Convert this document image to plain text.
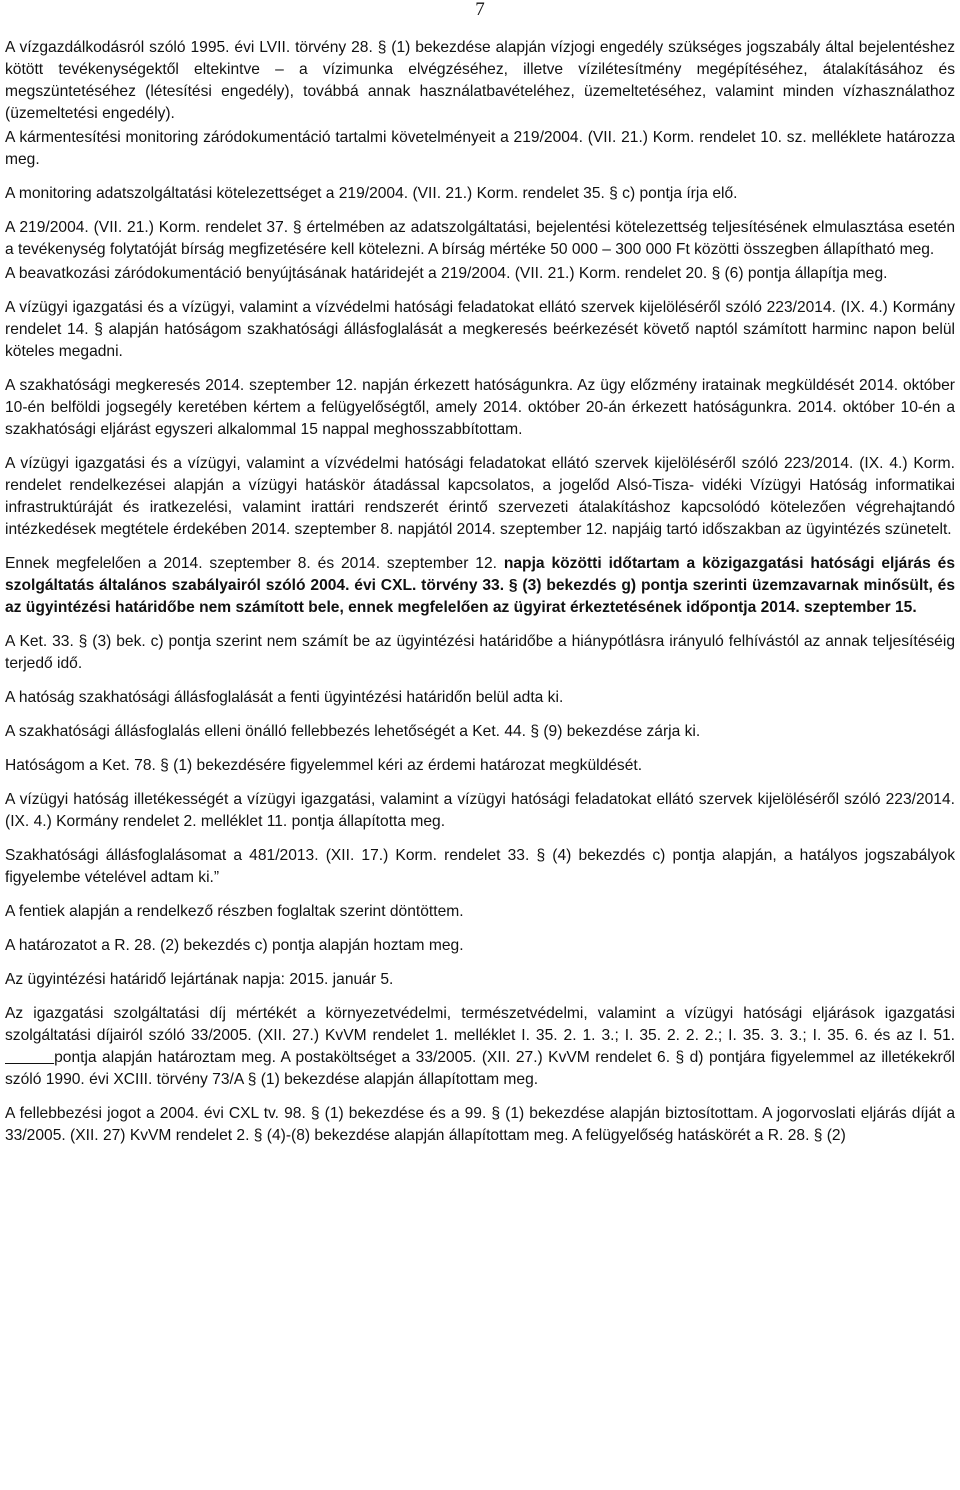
7

A vízgazdálkodásról szóló 1995. évi LVII. törvény 28. § (1) bekezdése alapján vízjogi engedély szükséges jogszabály által bejelentéshez kötött tevékenységektől eltekintve – a vízimunka elvégzéséhez, illetve vízilétesítmény megépítéséhez, átalakításához és megszüntetéséhez (létesítési engedély), továbbá annak használatbavételéhez, üzemeltetéséhez, valamint minden vízhasználathoz (üzemeltetési engedély).

A kármentesítési monitoring záródokumentáció tartalmi követelményeit a 219/2004. (VII. 21.) Korm. rendelet 10. sz. melléklete határozza meg.

A monitoring adatszolgáltatási kötelezettséget a 219/2004. (VII. 21.) Korm. rendelet 35. § c) pontja írja elő.

A 219/2004. (VII. 21.) Korm. rendelet 37. § értelmében az adatszolgáltatási, bejelentési kötelezettség teljesítésének elmulasztása esetén a tevékenység folytatóját bírság megfizetésére kell kötelezni. A bírság mértéke 50 000 – 300 000 Ft közötti összegben állapítható meg.

A beavatkozási záródokumentáció benyújtásának határidejét a 219/2004. (VII. 21.) Korm. rendelet 20. § (6) pontja állapítja meg.

A vízügyi igazgatási és a vízügyi, valamint a vízvédelmi hatósági feladatokat ellátó szervek kijelöléséről szóló 223/2014. (IX. 4.) Kormány rendelet 14. § alapján hatóságom szakhatósági állásfoglalását a megkeresés beérkezését követő naptól számított harminc napon belül köteles megadni.

A szakhatósági megkeresés 2014. szeptember 12. napján érkezett hatóságunkra. Az ügy előzmény iratainak megküldését 2014. október 10-én belföldi jogsegély keretében kértem a felügyelőségtől, amely 2014. október 20-án érkezett hatóságunkra. 2014. október 10-én a szakhatósági eljárást egyszeri alkalommal 15 nappal meghosszabbítottam.

A vízügyi igazgatási és a vízügyi, valamint a vízvédelmi hatósági feladatokat ellátó szervek kijelöléséről szóló 223/2014. (IX. 4.) Korm. rendelet rendelkezései alapján a vízügyi hatáskör átadással kapcsolatos, a jogelőd Alsó-Tisza- vidéki Vízügyi Hatóság informatikai infrastruktúráját és iratkezelési, valamint irattári rendszerét érintő szervezeti átalakításhoz kapcsolódó kötelezően végrehajtandó intézkedések megtétele érdekében 2014. szeptember 8. napjától 2014. szeptember 12. napjáig tartó időszakban az ügyintézés szünetelt.

Ennek megfelelően a 2014. szeptember 8. és 2014. szeptember 12. napja közötti időtartam a közigazgatási hatósági eljárás és szolgáltatás általános szabályairól szóló 2004. évi CXL. törvény 33. § (3) bekezdés g) pontja szerinti üzemzavarnak minősült, és az ügyintézési határidőbe nem számított bele, ennek megfelelően az ügyirat érkeztetésének időpontja 2014. szeptember 15.

A Ket. 33. § (3) bek. c) pontja szerint nem számít be az ügyintézési határidőbe a hiánypótlásra irányuló felhívástól az annak teljesítéséig terjedő idő.

A hatóság szakhatósági állásfoglalását a fenti ügyintézési határidőn belül adta ki.

A szakhatósági állásfoglalás elleni önálló fellebbezés lehetőségét a Ket. 44. § (9) bekezdése zárja ki.

Hatóságom a Ket. 78. § (1) bekezdésére figyelemmel kéri az érdemi határozat megküldését.

A vízügyi hatóság illetékességét a vízügyi igazgatási, valamint a vízügyi hatósági feladatokat ellátó szervek kijelöléséről szóló 223/2014. (IX. 4.) Kormány rendelet 2. melléklet 11. pontja állapította meg.

Szakhatósági állásfoglalásomat a 481/2013. (XII. 17.) Korm. rendelet 33. § (4) bekezdés c) pontja alapján, a hatályos jogszabályok figyelembe vételével adtam ki.”

A fentiek alapján a rendelkező részben foglaltak szerint döntöttem.

A határozatot a R. 28. (2) bekezdés c) pontja alapján hoztam meg.

Az ügyintézési határidő lejártának napja: 2015. január 5.

Az igazgatási szolgáltatási díj mértékét a környezetvédelmi, természetvédelmi, valamint a vízügyi hatósági eljárások igazgatási szolgáltatási díjairól szóló 33/2005. (XII. 27.) KvVM rendelet 1. melléklet I. 35. 2. 1. 3.; I. 35. 2. 2. 2.; I. 35. 3. 3.; I. 35. 6. és az I. 51.         pontja alapján határoztam meg. A postaköltséget a 33/2005. (XII. 27.) KvVM rendelet 6. § d) pontjára figyelemmel az illetékekről szóló 1990. évi XCIII. törvény 73/A § (1) bekezdése alapján állapítottam meg.

A fellebbezési jogot a 2004. évi CXL tv. 98. § (1) bekezdése és a 99. § (1) bekezdése alapján biztosítottam. A jogorvoslati eljárás díját a 33/2005. (XII. 27) KvVM rendelet 2. § (4)-(8) bekezdése alapján állapítottam meg. A felügyelőség hatáskörét a R. 28. § (2)
